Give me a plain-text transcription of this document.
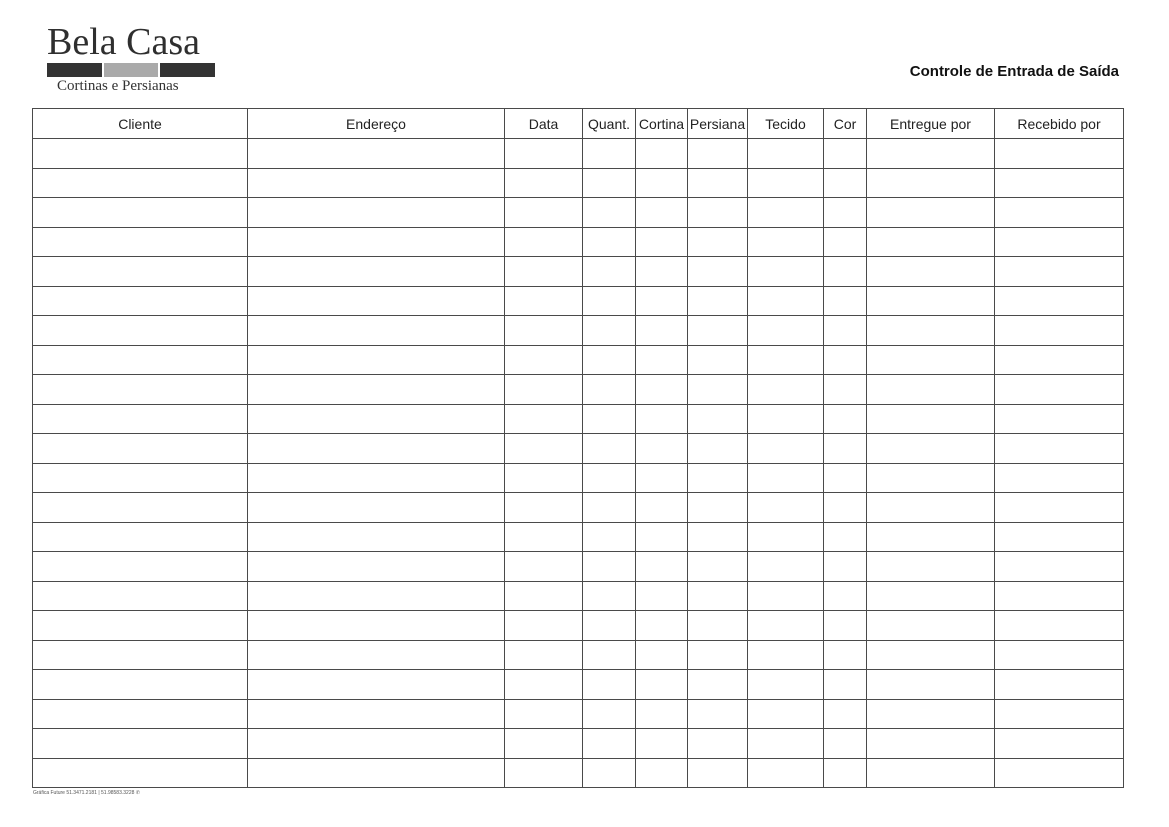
Bela Casa
Cortinas e Persianas
Controle de Entrada de Saída
Cliente	Endereço	Data	Quant.	Cortina	Persiana	Tecido	Cor	Entregue por	Recebido por

Gráfica Future 51.3471.2181 | 51.98583.3228 ✆
